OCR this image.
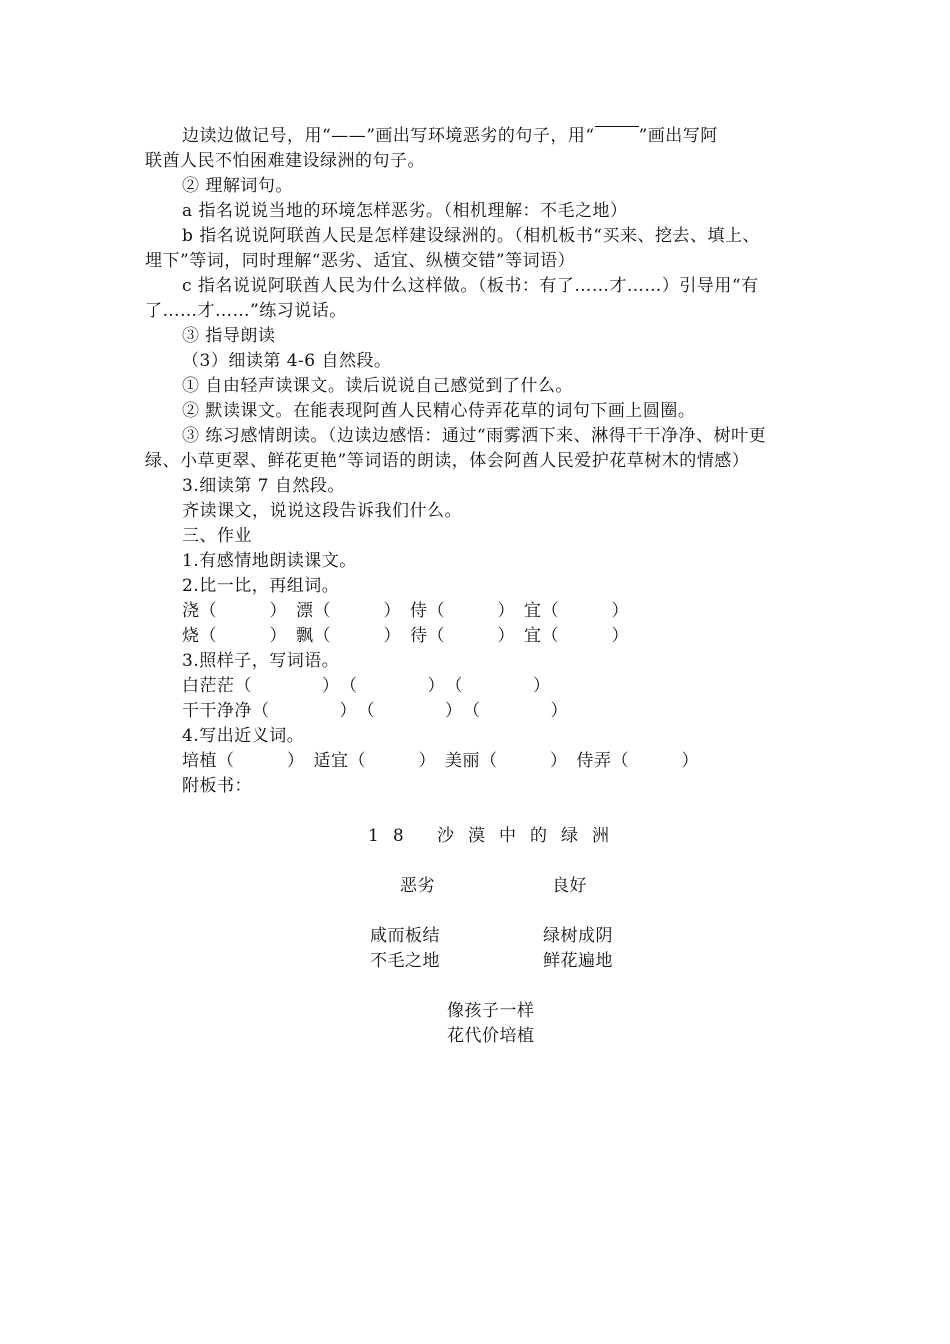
边读边做记号，用“——”画出写环境恶劣的句子，用“	”画出写阿
联酋人民不怕困难建设绿洲的句子。
② 理解词句。
a 指名说说当地的环境怎样恶劣。（相机理解：不毛之地）
b 指名说说阿联酋人民是怎样建设绿洲的。（相机板书“买来、挖去、填上、
埋下”等词，同时理解“恶劣、适宜、纵横交错”等词语）
c 指名说说阿联酋人民为什么这样做。（板书：有了……才……）引导用“有
了……才……”练习说话。
③ 指导朗读
（3）细读第 4-6 自然段。
① 自由轻声读课文。读后说说自己感觉到了什么。
② 默读课文。在能表现阿酋人民精心侍弄花草的词句下画上圆圈。
③ 练习感情朗读。（边读边感悟：通过“雨雾洒下来、淋得干干净净、树叶更
绿、小草更翠、鲜花更艳”等词语的朗读，体会阿酋人民爱护花草树木的情感）
3.细读第 7 自然段。
齐读课文，说说这段告诉我们什么。
三、作业
1.有感情地朗读课文。
2.比一比，再组词。
浇（　　　）　漂（　　　）　侍（　　　）　宜（　　　）
烧（　　　）　飘（　　　）　待（　　　）　宜（　　　）
3.照样子，写词语。
白茫茫（　　　　）　（　　　　）　（　　　　）
干干净净（　　　　）　（　　　　）　（　　　　）
4.写出近义词。
培植（　　　）　适宜（　　　）　美丽（　　　）　侍弄（　　　）
附板书：
18 沙漠中的绿洲
恶劣	良好
咸而板结
不毛之地
绿树成阴
鲜花遍地
像孩子一样
花代价培植
